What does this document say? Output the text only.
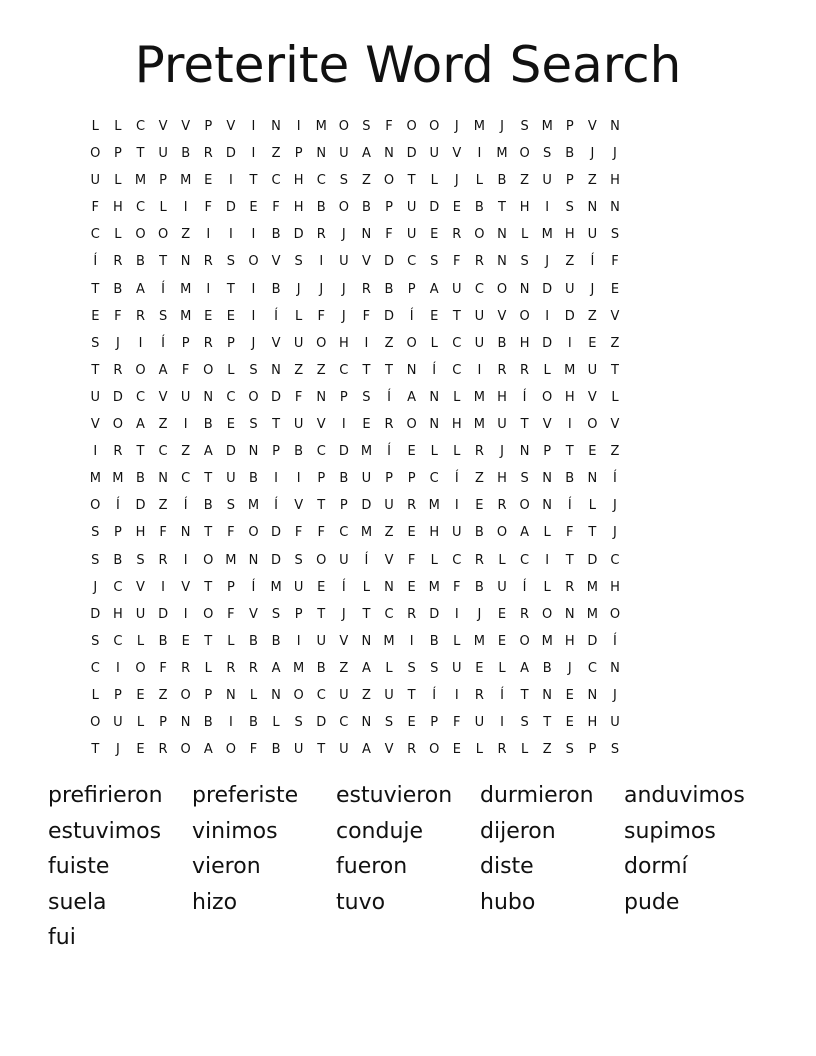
Preterite Word Search
L	L	C	V	V	P	V	I	N	I	M O	S	F	O O	J	M	J	S M	P	V	N
O	P	T	U	B	R	D	I	Z	P	N U	A	N D U	V	I	M O	S	B	J	J
U	L	M	P	M E	I	T	C	H	C	S	Z	O	T	L	J	L	B	Z	U	P	Z	H
F	H	C	L	I	F	D	E	F	H	B	O	B	P	U D	E	B	T	H	I	S	N N
C	L	O O	Z	I	I	I	B	D	R	J	N	F	U	E	R O N	L	M H U	S
Í	R	B	T	N	R	S	O	V	S	I	U	V	D	C	S	F	R	N	S	J	Z	Í	F
T	B	A	Í	M	I	T	I	B	J	J	J	R	B	P	A	U	C O N D U	J	E
E	F	R	S M E	E	I	Í	L	F	J	F	D	Í	E	T	U	V	O	I	D	Z	V
S	J	I	Í	P	R	P	J	V	U O H	I	Z	O	L	C	U	B	H D	I	E	Z
T	R O	A	F	O	L	S	N	Z	Z	C	T	T	N	Í	C	I	R	R	L	M U	T
U D	C	V	U N	C O D	F	N	P	S	Í	A	N	L	M H	Í	O H	V	L
V	O	A	Z	I	B	E	S	T	U	V	I	E	R O N H M U	T	V	I	O	V
I	R	T	C	Z	A	D N	P	B	C	D M	Í	E	L	L	R	J	N	P	T	E	Z
M M B	N	C	T	U	B	I	I	P	B	U	P	P	C	Í	Z	H	S	N	B	N	Í
O	Í	D	Z	Í	B	S M	Í	V	T	P	D U	R M	I	E	R O N	Í	L	J
S	P	H	F	N	T	F	O D	F	F	C M Z	E	H U	B	O	A	L	F	T	J
S	B	S	R	I	O M N D	S	O U	Í	V	F	L	C	R	L	C	I	T	D	C
J	C	V	I	V	T	P	Í	M U	E	Í	L	N	E M	F	B	U	Í	L	R M H
D H U D	I	O	F	V	S	P	T	J	T	C	R	D	I	J	E	R O N M O
S	C	L	B	E	T	L	B	B	I	U	V	N M	I	B	L	M E	O M H D	Í
C	I	O	F	R	L	R	R	A M B	Z	A	L	S	S	U	E	L	A	B	J	C	N
L	P	E	Z	O	P	N	L	N O C	U	Z	U	T	Í	I	R	Í	T	N	E	N	J
O U	L	P	N	B	I	B	L	S	D	C	N	S	E	P	F	U	I	S	T	E	H U
T	J	E	R O	A	O	F	B	U	T	U	A	V	R O	E	L	R	L	Z	S	P	S
prefirieron	preferiste	estuvieron	durmieron	anduvimos
estuvimos	vinimos	conduje	dijeron	supimos
fuiste	vieron	fueron	diste	dormí
suela	hizo	tuvo	hubo	pude
fui
